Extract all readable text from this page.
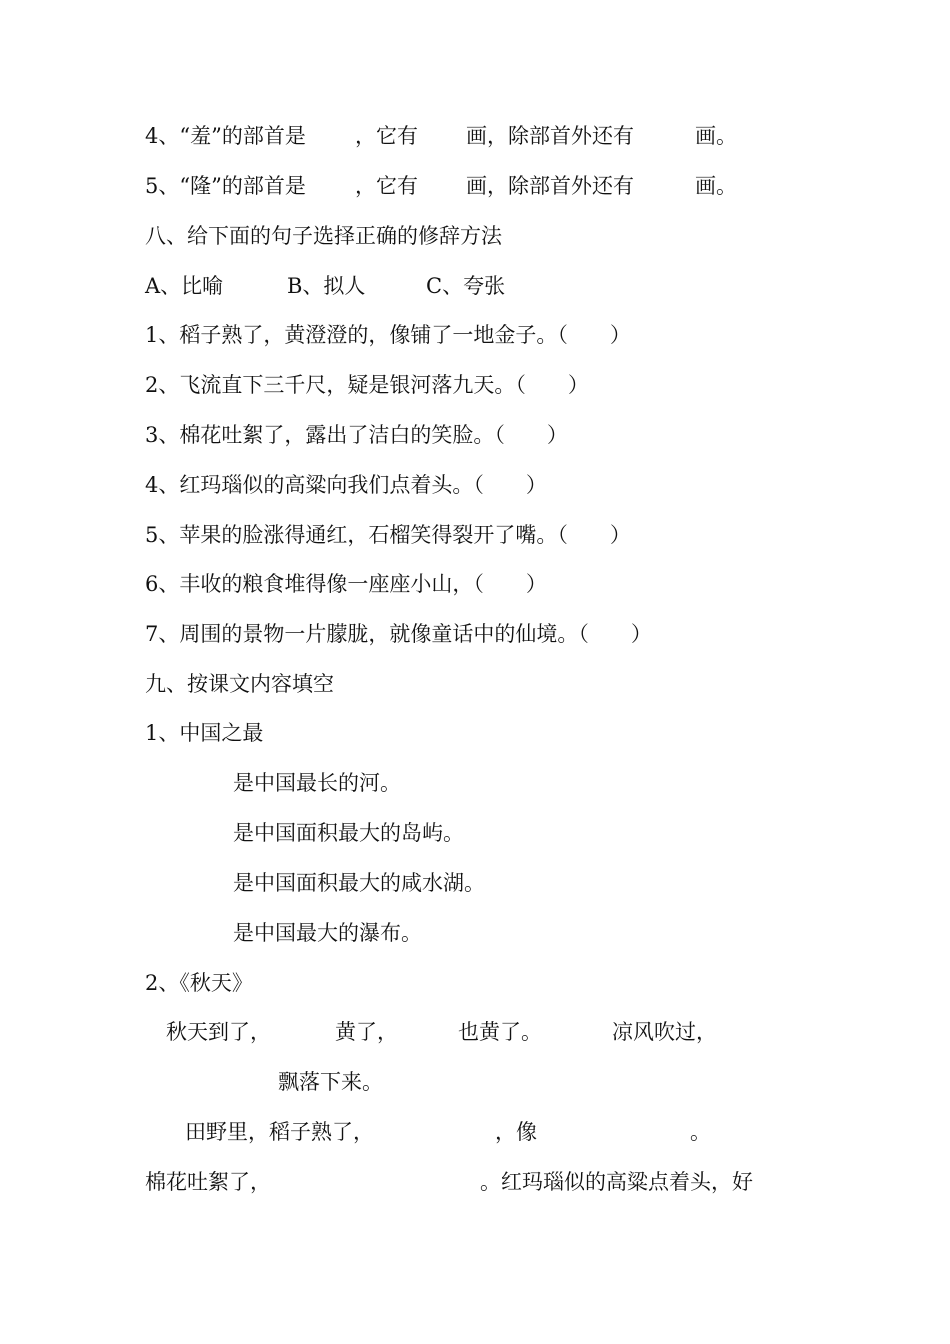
4、“羞”的部首是 ，它有 画，除部首外还有	画。
5、“隆”的部首是 ，它有 画，除部首外还有	画。
八、给下面的句子选择正确的修辞方法
A、比喻	B、拟人	C、夸张
1、稻子熟了，黄澄澄的，像铺了一地金子。（　　）
2、飞流直下三千尺，疑是银河落九天。（　　）
3、棉花吐絮了，露出了洁白的笑脸。（　　）
4、红玛瑙似的高粱向我们点着头。（　　）
5、苹果的脸涨得通红，石榴笑得裂开了嘴。（　　）
6、丰收的粮食堆得像一座座小山，（　　）
7、周围的景物一片朦胧，就像童话中的仙境。（　　）
九、按课文内容填空
1、中国之最
是中国最长的河。
是中国面积最大的岛屿。
是中国面积最大的咸水湖。
是中国最大的瀑布。
2、《秋天》
秋天到了，	黄了，	也黄了。	凉风吹过，
飘落下来。
田野里，稻子熟了，	，像	。
棉花吐絮了，	。红玛瑙似的高粱点着头，好
